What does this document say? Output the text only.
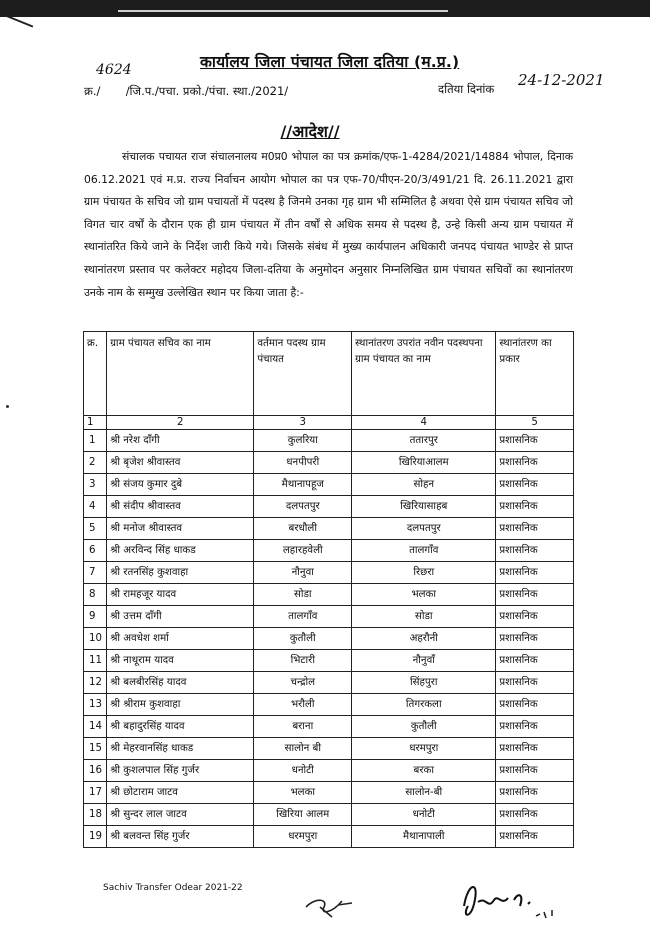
4624	कार्यालय जिला पंचायत जिला दतिया (म.प्र.)
क्र./ /जि.प./पचा. प्रको./पंचा. स्था./2021/	दतिया दिनांक 24-12-2021
//आदेश//
संचालक पचायत राज संचालनालय म0प्र0 भोपाल का पत्र क्रमांक/एफ-1-4284/2021/14884 भोपाल, दिनाक 06.12.2021 एवं म.प्र. राज्य निर्वाचन आयोग भोपाल का पत्र एफ-70/पीएन-20/3/491/21 दि. 26.11.2021 द्वारा ग्राम पंचायत के सचिव जो ग्राम पचायतों में पदस्थ है जिनमे उनका गृह ग्राम भी सम्मिलित है अथवा ऐसे ग्राम पंचायत सचिव जो विगत चार वर्षों के दौरान एक ही ग्राम पंचायत में तीन वर्षों से अधिक समय से पदस्थ है, उन्हे किसी अन्य ग्राम पचायत में स्थानांतरित किये जाने के निर्देश जारी किये गये। जिसके संबंध में मुख्य कार्यपालन अधिकारी जनपद पंचायत भाण्डेर से प्राप्त स्थानांतरण प्रस्ताव पर कलेक्टर महोदय जिला-दतिया के अनुमोदन अनुसार निम्नलिखित ग्राम पंचायत सचिवों का स्थानांतरण उनके नाम के सम्मुख उल्लेखित स्थान पर किया जाता है:-
क्र.	ग्राम पंचायत सचिव का नाम	वर्तमान पदस्थ ग्राम पंचायत	स्थानांतरण उपरांत नवीन पदस्थपना ग्राम पंचायत का नाम	स्थानांतरण का प्रकार
1	2	3	4	5
1	श्री नरेश दाँगी	कुलरिया	ततारपुर	प्रशासनिक
2	श्री बृजेश श्रीवास्तव	धनपीपरी	खिरियाआलम	प्रशासनिक
3	श्री संजय कुमार दुबे	मैथानापहूज	सोहन	प्रशासनिक
4	श्री संदीप श्रीवास्तव	दलपतपुर	खिरियासाहब	प्रशासनिक
5	श्री मनोज श्रीवास्तव	बरधौली	दलपतपुर	प्रशासनिक
6	श्री अरविन्द सिंह धाकड	लहारहवेली	तालगाँव	प्रशासनिक
7	श्री रतनसिंह कुशवाहा	नौनुवा	रिछरा	प्रशासनिक
8	श्री रामहजूर यादव	सोडा	भलका	प्रशासनिक
9	श्री उत्तम दाँगी	तालगाँव	सोडा	प्रशासनिक
10	श्री अवधेश शर्मा	कुतौली	अहरौनी	प्रशासनिक
11	श्री नाथूराम यादव	भिटारी	नौनुवाँ	प्रशासनिक
12	श्री बलबीरसिंह यादव	चन्द्रोल	सिंहपुरा	प्रशासनिक
13	श्री श्रीराम कुशवाहा	भरौली	तिगरकला	प्रशासनिक
14	श्री बहादुरसिंह यादव	बराना	कुतौली	प्रशासनिक
15	श्री मेहरवानसिंह धाकड	सालोन बी	धरमपुरा	प्रशासनिक
16	श्री कुशलपाल सिंह गुर्जर	धनोटी	बरका	प्रशासनिक
17	श्री छोटाराम जाटव	भलका	सालोन-बी	प्रशासनिक
18	श्री सुन्दर लाल जाटव	खिरिया आलम	धनोटी	प्रशासनिक
19	श्री बलवन्त सिंह गुर्जर	धरमपुरा	मैथानापाली	प्रशासनिक
Sachiv Transfer Odear 2021-22
